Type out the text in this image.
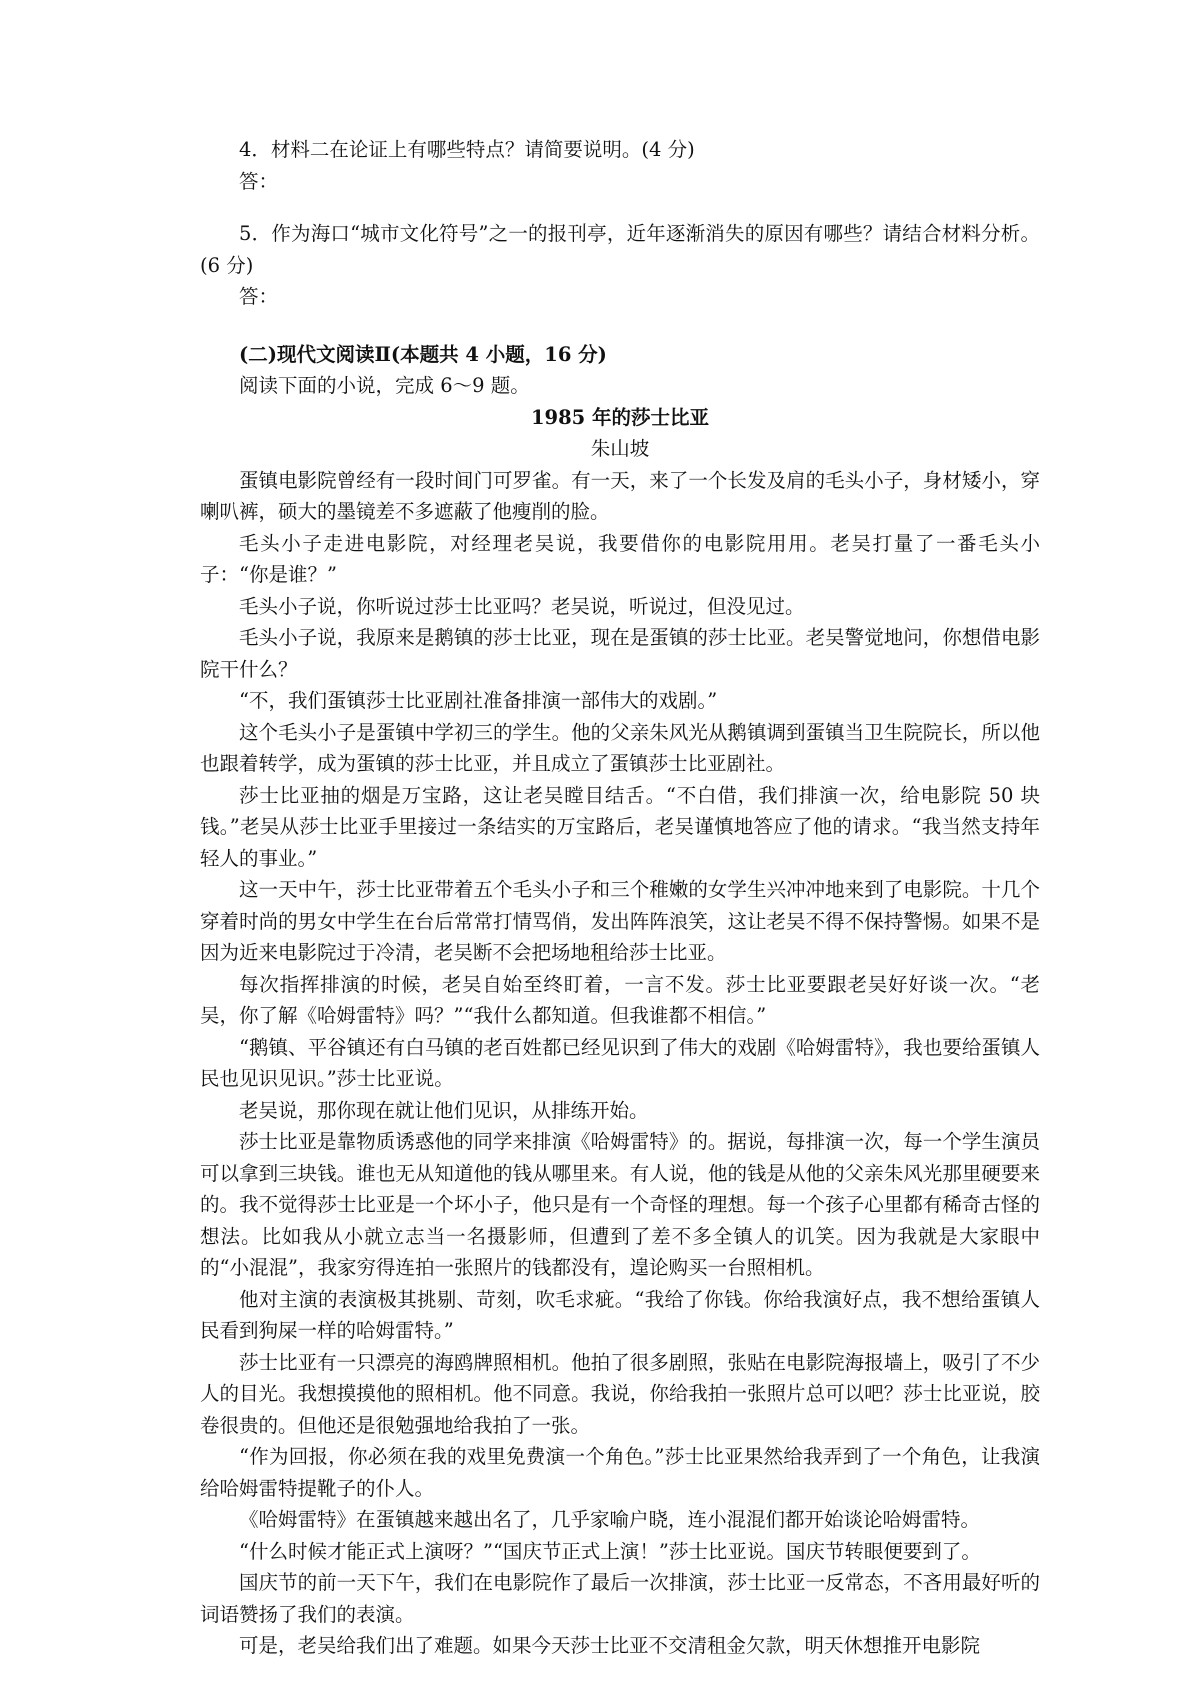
4．材料二在论证上有哪些特点？请简要说明。(4 分)

答：

5．作为海口“城市文化符号”之一的报刊亭，近年逐渐消失的原因有哪些？请结合材料分析。(6 分)

答：

(二)现代文阅读Ⅱ(本题共 4 小题，16 分)

阅读下面的小说，完成 6～9 题。

1985 年的莎士比亚

朱山坡

蛋镇电影院曾经有一段时间门可罗雀。有一天，来了一个长发及肩的毛头小子，身材矮小，穿喇叭裤，硕大的墨镜差不多遮蔽了他瘦削的脸。

毛头小子走进电影院，对经理老吴说，我要借你的电影院用用。老吴打量了一番毛头小子：“你是谁？”

毛头小子说，你听说过莎士比亚吗？老吴说，听说过，但没见过。

毛头小子说，我原来是鹅镇的莎士比亚，现在是蛋镇的莎士比亚。老吴警觉地问，你想借电影院干什么？

“不，我们蛋镇莎士比亚剧社准备排演一部伟大的戏剧。”

这个毛头小子是蛋镇中学初三的学生。他的父亲朱风光从鹅镇调到蛋镇当卫生院院长，所以他也跟着转学，成为蛋镇的莎士比亚，并且成立了蛋镇莎士比亚剧社。

莎士比亚抽的烟是万宝路，这让老吴瞠目结舌。“不白借，我们排演一次，给电影院 50 块钱。”老吴从莎士比亚手里接过一条结实的万宝路后，老吴谨慎地答应了他的请求。“我当然支持年轻人的事业。”

这一天中午，莎士比亚带着五个毛头小子和三个稚嫩的女学生兴冲冲地来到了电影院。十几个穿着时尚的男女中学生在台后常常打情骂俏，发出阵阵浪笑，这让老吴不得不保持警惕。如果不是因为近来电影院过于冷清，老吴断不会把场地租给莎士比亚。

每次指挥排演的时候，老吴自始至终盯着，一言不发。莎士比亚要跟老吴好好谈一次。“老吴，你了解《哈姆雷特》吗？”“我什么都知道。但我谁都不相信。”

“鹅镇、平谷镇还有白马镇的老百姓都已经见识到了伟大的戏剧《哈姆雷特》，我也要给蛋镇人民也见识见识。”莎士比亚说。

老吴说，那你现在就让他们见识，从排练开始。

莎士比亚是靠物质诱惑他的同学来排演《哈姆雷特》的。据说，每排演一次，每一个学生演员可以拿到三块钱。谁也无从知道他的钱从哪里来。有人说，他的钱是从他的父亲朱风光那里硬要来的。我不觉得莎士比亚是一个坏小子，他只是有一个奇怪的理想。每一个孩子心里都有稀奇古怪的想法。比如我从小就立志当一名摄影师，但遭到了差不多全镇人的讥笑。因为我就是大家眼中的“小混混”，我家穷得连拍一张照片的钱都没有，遑论购买一台照相机。

他对主演的表演极其挑剔、苛刻，吹毛求疵。“我给了你钱。你给我演好点，我不想给蛋镇人民看到狗屎一样的哈姆雷特。”

莎士比亚有一只漂亮的海鸥牌照相机。他拍了很多剧照，张贴在电影院海报墙上，吸引了不少人的目光。我想摸摸他的照相机。他不同意。我说，你给我拍一张照片总可以吧？莎士比亚说，胶卷很贵的。但他还是很勉强地给我拍了一张。

“作为回报，你必须在我的戏里免费演一个角色。”莎士比亚果然给我弄到了一个角色，让我演给哈姆雷特提靴子的仆人。

《哈姆雷特》在蛋镇越来越出名了，几乎家喻户晓，连小混混们都开始谈论哈姆雷特。

“什么时候才能正式上演呀？”“国庆节正式上演！”莎士比亚说。国庆节转眼便要到了。

国庆节的前一天下午，我们在电影院作了最后一次排演，莎士比亚一反常态，不吝用最好听的词语赞扬了我们的表演。

可是，老吴给我们出了难题。如果今天莎士比亚不交清租金欠款，明天休想推开电影院
